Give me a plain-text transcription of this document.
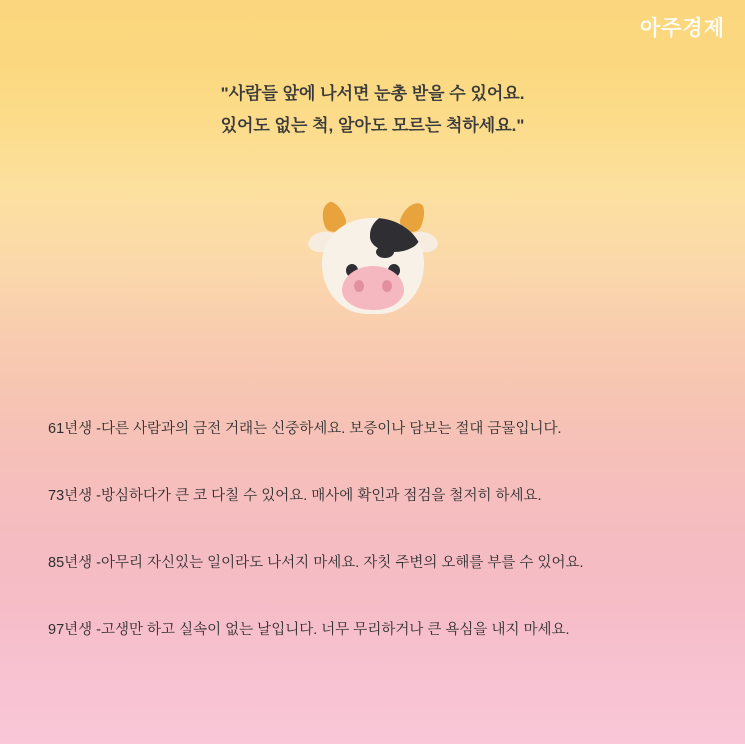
아주경제
"사람들 앞에 나서면 눈총 받을 수 있어요.
있어도 없는 척, 알아도 모르는 척하세요."
61년생 -다른 사람과의 금전 거래는 신중하세요. 보증이나 담보는 절대 금물입니다.
73년생 -방심하다가 큰 코 다칠 수 있어요. 매사에 확인과 점검을 철저히 하세요.
85년생 -아무리 자신있는 일이라도 나서지 마세요. 자칫 주변의 오해를 부를 수 있어요.
97년생 -고생만 하고 실속이 없는 날입니다. 너무 무리하거나 큰 욕심을 내지 마세요.
